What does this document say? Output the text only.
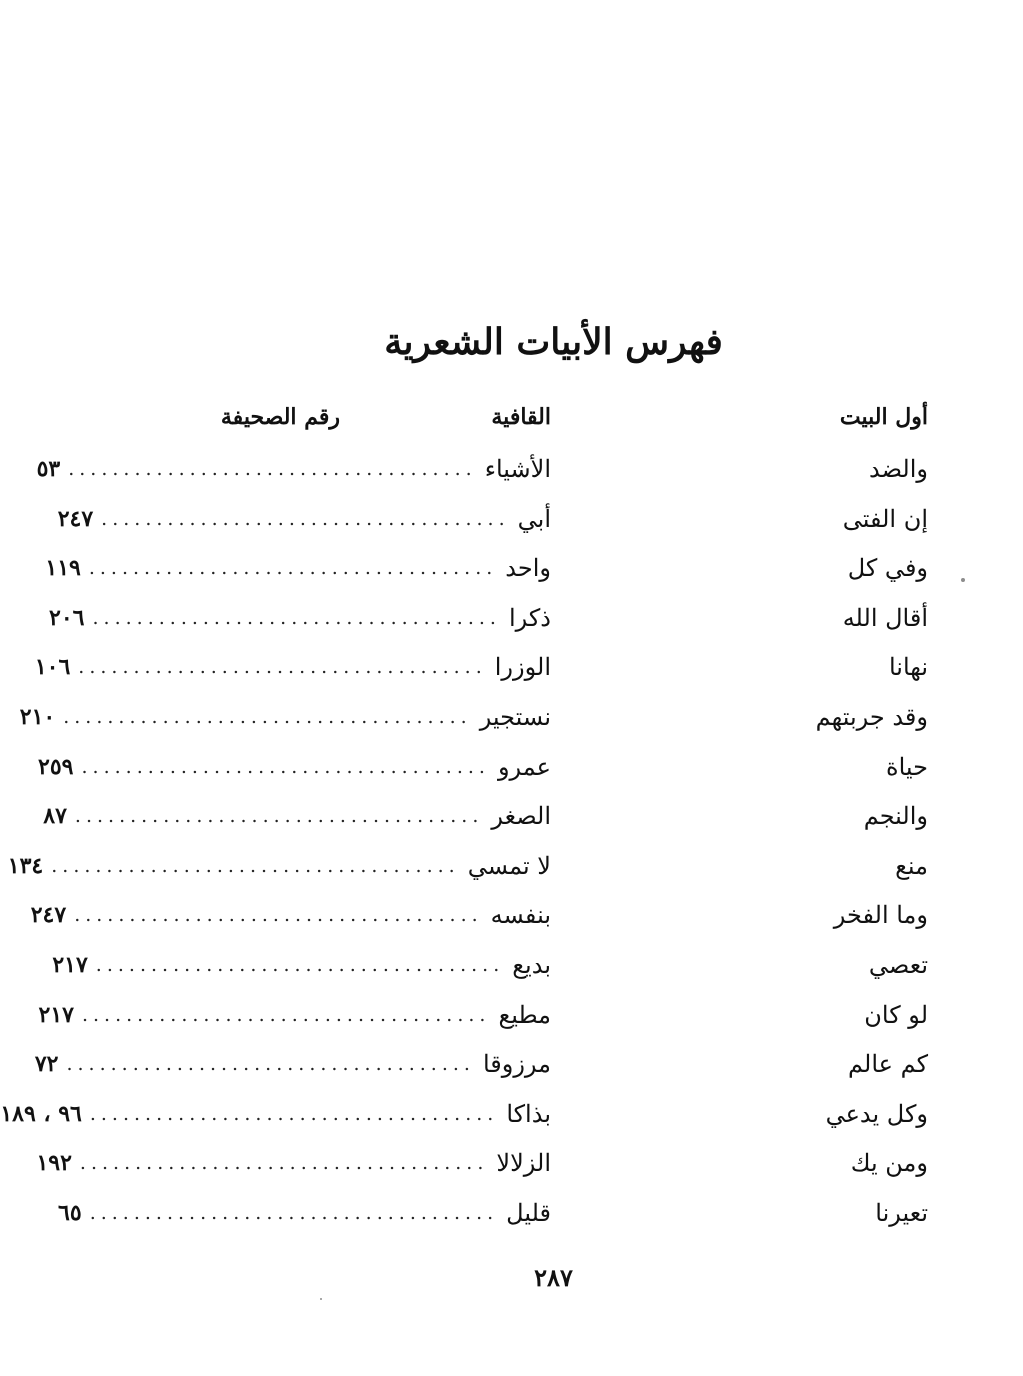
فهرس الأبيات الشعرية
أول البيت
القافية
رقم الصحيفة
والضد
الأشياء
.....................................
٥٣
إن الفتى
أبي
.....................................
٢٤٧
وفي كل
واحد
.....................................
١١٩
أقال الله
ذكرا
.....................................
٢٠٦
نهانا
الوزرا
.....................................
١٠٦
وقد جربتهم
نستجير
.....................................
٢١٠
حياة
عمرو
.....................................
٢٥٩
والنجم
الصغر
.....................................
٨٧
منع
لا تمسي
.....................................
١٣٤
وما الفخر
بنفسه
.....................................
٢٤٧
تعصي
بديع
.....................................
٢١٧
لو كان
مطيع
.....................................
٢١٧
كم عالم
مرزوقا
.....................................
٧٢
وكل يدعي
بذاكا
.....................................
٩٦ ، ١٨٩
ومن يك
الزلالا
.....................................
١٩٢
تعيرنا
قليل
.....................................
٦٥
٢٨٧
